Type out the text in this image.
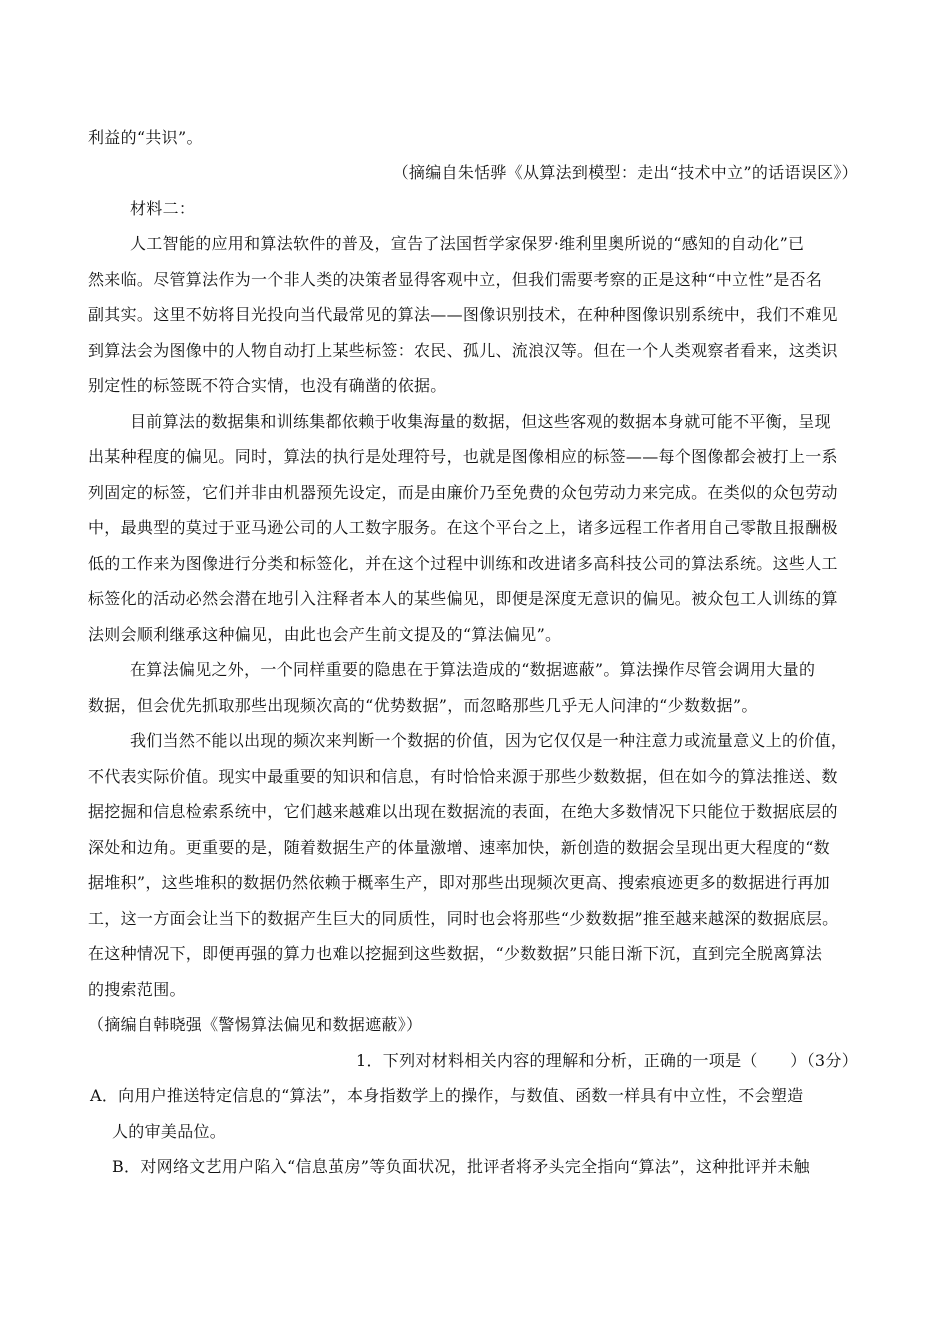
利益的“共识”。
（摘编自朱恬骅《从算法到模型：走出“技术中立”的话语误区》）
材料二：
人工智能的应用和算法软件的普及，宣告了法国哲学家保罗·维利里奥所说的“感知的自动化”已
然来临。尽管算法作为一个非人类的决策者显得客观中立，但我们需要考察的正是这种“中立性”是否名
副其实。这里不妨将目光投向当代最常见的算法——图像识别技术，在种种图像识别系统中，我们不难见
到算法会为图像中的人物自动打上某些标签：农民、孤儿、流浪汉等。但在一个人类观察者看来，这类识
别定性的标签既不符合实情，也没有确凿的依据。
目前算法的数据集和训练集都依赖于收集海量的数据，但这些客观的数据本身就可能不平衡，呈现
出某种程度的偏见。同时，算法的执行是处理符号，也就是图像相应的标签——每个图像都会被打上一系
列固定的标签，它们并非由机器预先设定，而是由廉价乃至免费的众包劳动力来完成。在类似的众包劳动
中，最典型的莫过于亚马逊公司的人工数字服务。在这个平台之上，诸多远程工作者用自己零散且报酬极
低的工作来为图像进行分类和标签化，并在这个过程中训练和改进诸多高科技公司的算法系统。这些人工
标签化的活动必然会潜在地引入注释者本人的某些偏见，即便是深度无意识的偏见。被众包工人训练的算
法则会顺利继承这种偏见，由此也会产生前文提及的“算法偏见”。
在算法偏见之外，一个同样重要的隐患在于算法造成的“数据遮蔽”。算法操作尽管会调用大量的
数据，但会优先抓取那些出现频次高的“优势数据”，而忽略那些几乎无人问津的“少数数据”。
我们当然不能以出现的频次来判断一个数据的价值，因为它仅仅是一种注意力或流量意义上的价值，
不代表实际价值。现实中最重要的知识和信息，有时恰恰来源于那些少数数据，但在如今的算法推送、数
据挖掘和信息检索系统中，它们越来越难以出现在数据流的表面，在绝大多数情况下只能位于数据底层的
深处和边角。更重要的是，随着数据生产的体量激增、速率加快，新创造的数据会呈现出更大程度的“数
据堆积”，这些堆积的数据仍然依赖于概率生产，即对那些出现频次更高、搜索痕迹更多的数据进行再加
工，这一方面会让当下的数据产生巨大的同质性，同时也会将那些“少数数据”推至越来越深的数据底层。
在这种情况下，即便再强的算力也难以挖掘到这些数据，“少数数据”只能日渐下沉，直到完全脱离算法
的搜索范围。
（摘编自韩晓强《警惕算法偏见和数据遮蔽》）
1．下列对材料相关内容的理解和分析，正确的一项是（　　）（3分）
A．向用户推送特定信息的“算法”，本身指数学上的操作，与数值、函数一样具有中立性，不会塑造
人的审美品位。
B．对网络文艺用户陷入“信息茧房”等负面状况，批评者将矛头完全指向“算法”，这种批评并未触
